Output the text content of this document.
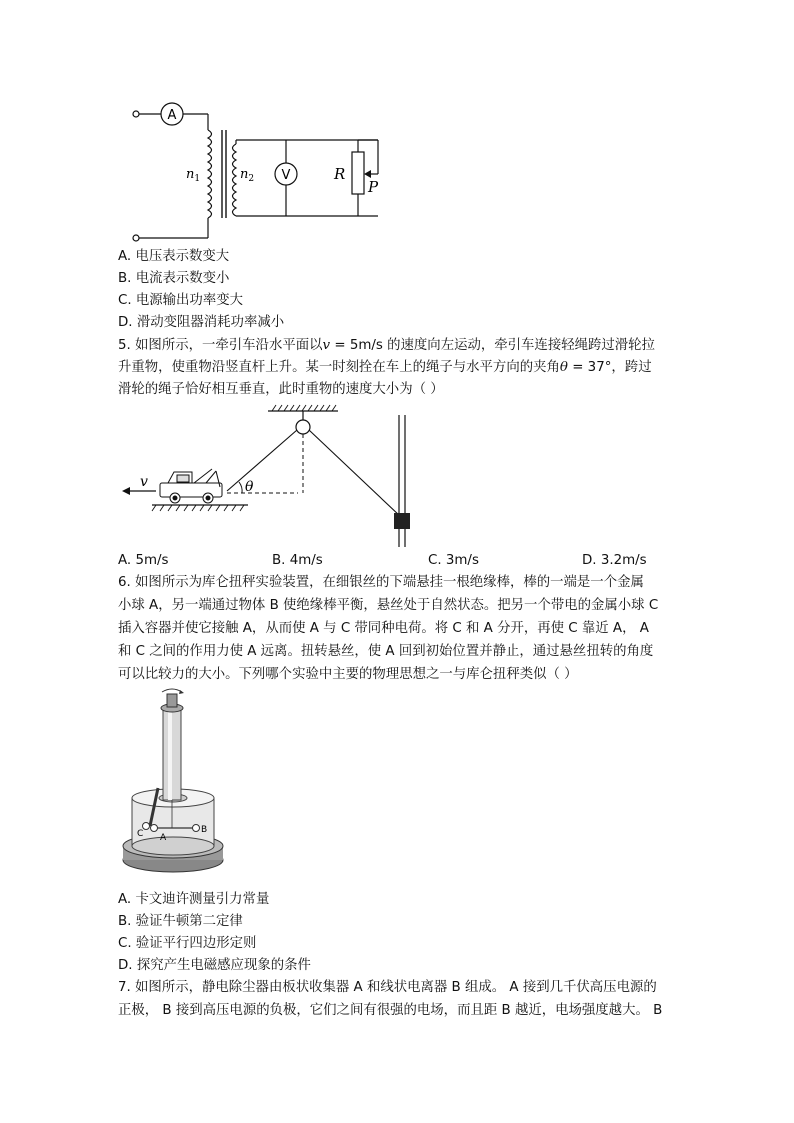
A
V
$n_1$	$n_2$	R
P
A. 电压表示数变大
B. 电流表示数变小
C. 电源输出功率变大
D. 滑动变阻器消耗功率减小
5. 如图所示，一牵引车沿水平面以v = 5m/s 的速度向左运动，牵引车连接轻绳跨过滑轮拉
升重物，使重物沿竖直杆上升。某一时刻拴在车上的绳子与水平方向的夹角θ = 37°，跨过
滑轮的绳子恰好相互垂直，此时重物的速度大小为（ ）
θ
v
A. 5m/s	B. 4m/s	C. 3m/s	D. 3.2m/s
6. 如图所示为库仑扭秤实验装置，在细银丝的下端悬挂一根绝缘棒，棒的一端是一个金属
小球 A，另一端通过物体 B 使绝缘棒平衡，悬丝处于自然状态。把另一个带电的金属小球 C
插入容器并使它接触 A，从而使 A 与 C 带同种电荷。将 C 和 A 分开，再使 C 靠近 A， A
和 C 之间的作用力使 A 远离。扭转悬丝，使 A 回到初始位置并静止，通过悬丝扭转的角度
可以比较力的大小。下列哪个实验中主要的物理思想之一与库仑扭秤类似（ ）
C A
B
A. 卡文迪许测量引力常量
B. 验证牛顿第二定律
C. 验证平行四边形定则
D. 探究产生电磁感应现象的条件
7. 如图所示，静电除尘器由板状收集器 A 和线状电离器 B 组成。 A 接到几千伏高压电源的
正极， B 接到高压电源的负极，它们之间有很强的电场，而且距 B 越近，电场强度越大。 B
